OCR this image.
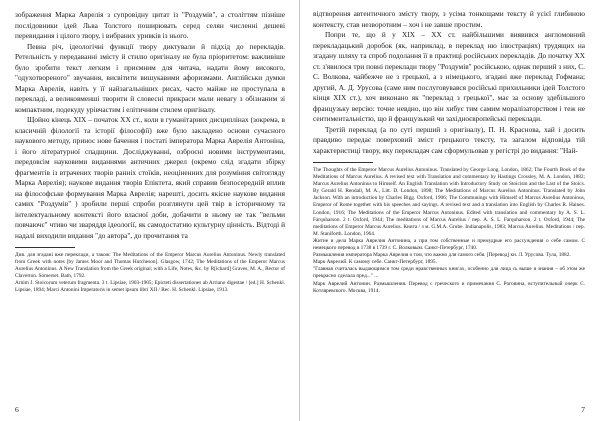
зображення Марка Аврелія з супровідну цитат із "Роздумів", а століттям пізніше послідовники ідей Льва Толстого поширювать серед селян численні дешеві перевидання і цілого твору, і вибраних уривків із нього.

Певна річ, ідеологічні функції твору диктували й підхід до перекладів. Ретельність у передаванні змісту й стилю оригіналу не була пріоритетом: важливіше було зробити текст легким і приємним для читача, надати йому високого, "одухотвореного" звучання, висвітити вишукавими афоризмами. Англійськи думки Марка Аврелія, навіть у її найзагальніших рисах, часто майже не проступала в перекладі, а великовменші творити й словесні прикраси мали невагу з обізнаним зі компактним, подекуду урівчастим і елітичним стилем оригіналу.

Щойно кінець XIX – початок XX ст., коли в гуманітарних дисциплінах (зокрема, в класичній філології та історії філософії) вже було закладено основи сучасного наукового методу, принос нове бачення і постаті імператора Марка Аврелія Антоніна, і його літературної спадщини. Досліджуванні, озброєні новими інструментами, передовсім науковими виданнями античних джерел (окремо слід згадати збірку фрагментів із втрачених творів ранніх стоїків, неоціненних для розуміння світогляду Марка Аврелія); наукове видання творів Епіктета, який справив безпосередній вплив на філософське формування Марка Аврелія; нарешті, досить якісне наукове видання самих "Роздумів" ) зробили перші спроби розглянути цей твір в історичному та інтелектуальному контексті його власної доби, добачити в ньому не так "вельми повчаючє" чтиво чи зваряддя ідеології, як самодостатню культурну цінність. Відтоді й надалі виходили видання "до автора", до прочитання та

Див. для згадані вже переклади, а також: The Meditations of the Emperor Marcus Aurelius Antoninus. Newly translated from Greek with notes [by James Moor and Thomas Hutcheson]. Glasgow, 1742; The Meditations of the Emperor Marcus Aurelius Antoninus. A New Translation from the Greek original; with a Life, Notes, &c. by R[ichard] Graves, M. A., Rector of Claverton. Somerset. Bath, 1792.

Arnim J. Stoicorum veterum fragmenta. 3 t. Lipsiae, 1903-1905; Epicteti dissertationes ab Arriano digestae / [ed.] H. Schenkl. Lipsiae, 1894; Marci Antonini Imperatoris in semet ipsum libri XII / Rec. H. Schenkl. Lipsiae, 1913.

6

відтворення автентичного змісту твору, з усіма тонкощами тексту й усієї глибиною контексту, став незворотним – хоч і не завше простим.

Попри те, що й у XIX – XX ст. найбільшими виявився англомовний перекладацький доробок (як, наприклад, в переклад ню ілюстраціях) трудящих на згадану шляху та спроб подолання її в практиці російських перекладів. До початку XX ст. з'явилося три повні переклади твору "Роздумів" російською, однак перший з них, С. С. Волкова, чайбежче не з грецької, а з німецького, згадані вже переклад Гофмана; другий, А. Д. Урусова (саме ним послуговувався російські прихильники ідей Толстого кінця XIX ст.), хоч виконано як "переклад з грецької", має за основу здебільшого французьку версію: точне невдно, що він хибує тим самим моралізаторством і теж не сентиментальністю, що й французький чи західноєвропейські переклади.

Третій переклад (а по суті перший з оригіналу), П. Н. Краснова, хай і досить правдиво передає поверховий зміст грецького тексту, та загалом відповіда тій характеристиці твору, яку перекладач сам сформульовав у регістрі до видання: "Най-

The Thoughts of the Emperor Marcus Aurelius Antoninus. Translated by George Long. London, 1862; The Fourth Book of the Meditations of Marcus Aurelius. A revised text with Translation and commentary by Hastings Crossley, M. A. London, 1882; Marcus Aurelius Antoninus to Himself. An English Translation with Introductory Study on Stoicism and the Last of the Stoics. By Gerald H. Rendall, M. A., Litt. D. London, 1898; The Meditations of Marcus Aurelius Antoninus. Translated by John Jackson. With an introduction by Charles Bigg. Oxford, 1906; The Communings with Himself of Marcus Aurelius Antoninus, Emperor of Rome together with his speeches and sayings. A revised text and a translation into English by Charles R. Haines. London, 1916; The Meditations of the Emperor Marcus Antoninus. Edited with translation and commentary by A. S. L. Farquharson. 2 t. Oxford, 1944; The meditations of Marcus Aurelius / пер. A. S. L. Farquharson. 2 t. Oxford, 1944; The meditations of Emperor Marcus Aurelius. Книга / з м. G.M.A. Grube. Indianapolis, 1983; Marcus Aurelius. Meditations / пер. M. Staniforth. London, 1964.

Житие и дела Марка Аврелия Антонина, а при том собственные и премудрые его рассуждения о себе самом. С немецкого перевод в 1738 в 1739 г. С. Волковым. Санкт-Петербург, 1740.

Размышления императора Марка Аврелия о том, что важно для самого себя. [Перевод] кн. Л. Урусова. Тула, 1882.

Марк Аврелий. К самому себе. Санкт-Петербург, 1895.

"Главная считалась выдающимся том среди нравственных книгах, особенно для лица сь выше я знания – об этом же прекрасно сделала пред..." ...

Марк Аврелий Антонин. Размышления. Перевод с греческого и примечания С. Роговина, вступительный очерк С. Котляревского. Москва, 1914.

7
